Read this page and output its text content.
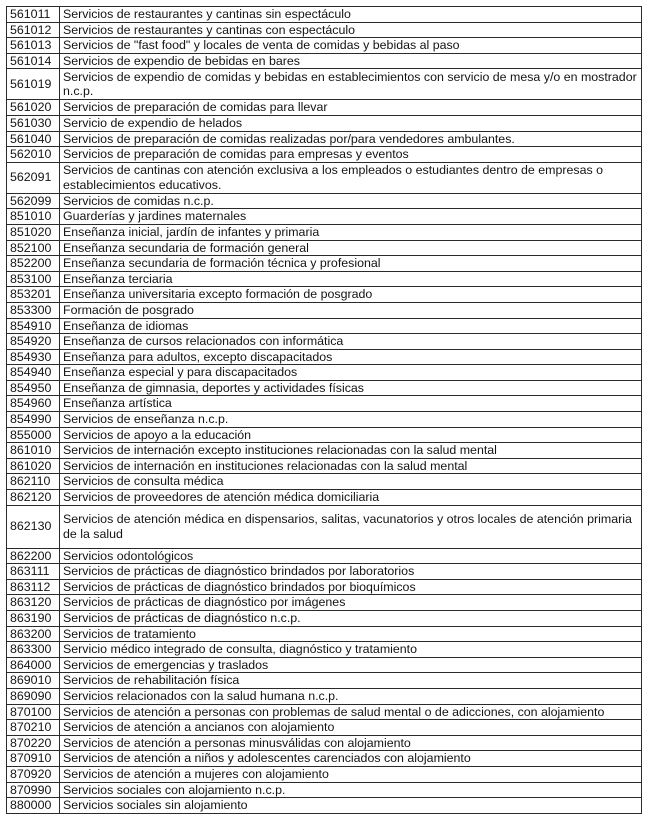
561011	Servicios de restaurantes y cantinas sin espectáculo
561012	Servicios de restaurantes y cantinas con espectáculo
561013	Servicios de "fast food" y locales de venta de comidas y bebidas al paso
561014	Servicios de expendio de bebidas en bares
561019	Servicios de expendio de comidas y bebidas en establecimientos con servicio de mesa y/o en mostrador n.c.p.
561020	Servicios de preparación de comidas para llevar
561030	Servicio de expendio de helados
561040	Servicios de preparación de comidas realizadas por/para vendedores ambulantes.
562010	Servicios de preparación de comidas para empresas y eventos
562091	Servicios de cantinas con atención exclusiva a los empleados o estudiantes dentro de empresas o establecimientos educativos.
562099	Servicios de comidas n.c.p.
851010	Guarderías y jardines maternales
851020	Enseñanza inicial, jardín de infantes y primaria
852100	Enseñanza secundaria de formación general
852200	Enseñanza secundaria de formación técnica y profesional
853100	Enseñanza terciaria
853201	Enseñanza universitaria excepto formación de posgrado
853300	Formación de posgrado
854910	Enseñanza de idiomas
854920	Enseñanza de cursos relacionados con informática
854930	Enseñanza para adultos, excepto discapacitados
854940	Enseñanza especial y para discapacitados
854950	Enseñanza de gimnasia, deportes y actividades físicas
854960	Enseñanza artística
854990	Servicios de enseñanza n.c.p.
855000	Servicios de apoyo a la educación
861010	Servicios de internación excepto instituciones relacionadas con la salud mental
861020	Servicios de internación en instituciones relacionadas con la salud mental
862110	Servicios de consulta médica
862120	Servicios de proveedores de atención médica domiciliaria
862130	Servicios de atención médica en dispensarios, salitas, vacunatorios y otros locales de atención primaria de la salud
862200	Servicios odontológicos
863111	Servicios de prácticas de diagnóstico brindados por laboratorios
863112	Servicios de prácticas de diagnóstico brindados por bioquímicos
863120	Servicios de prácticas de diagnóstico por imágenes
863190	Servicios de prácticas de diagnóstico n.c.p.
863200	Servicios de tratamiento
863300	Servicio médico integrado de consulta, diagnóstico y tratamiento
864000	Servicios de emergencias y traslados
869010	Servicios de rehabilitación física
869090	Servicios relacionados con la salud humana n.c.p.
870100	Servicios de atención a personas con problemas de salud mental o de adicciones, con alojamiento
870210	Servicios de atención a ancianos con alojamiento
870220	Servicios de atención a personas minusválidas con alojamiento
870910	Servicios de atención a niños y adolescentes carenciados con alojamiento
870920	Servicios de atención a mujeres con alojamiento
870990	Servicios sociales con alojamiento n.c.p.
880000	Servicios sociales sin alojamiento
